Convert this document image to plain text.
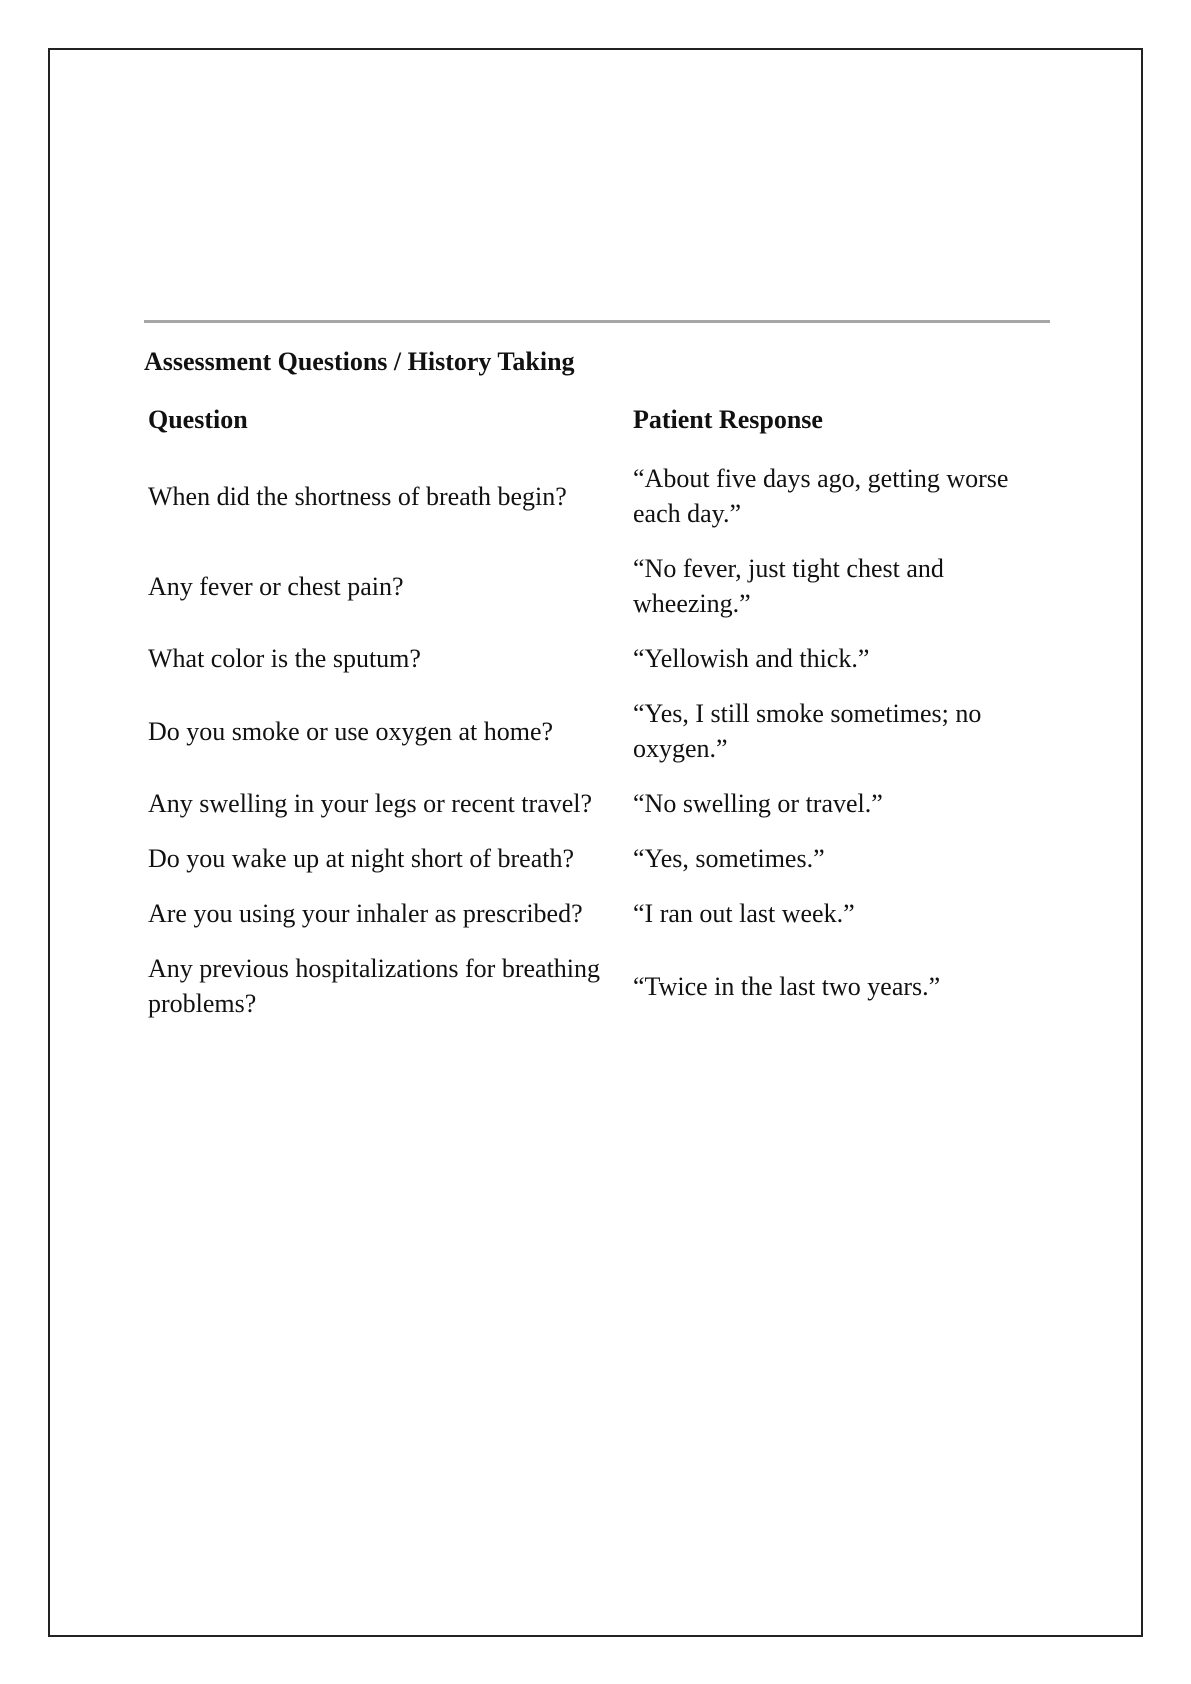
Assessment Questions / History Taking
Question	Patient Response
When did the shortness of breath begin?	“About five days ago, getting worse each day.”
Any fever or chest pain?	“No fever, just tight chest and wheezing.”
What color is the sputum?	“Yellowish and thick.”
Do you smoke or use oxygen at home?	“Yes, I still smoke sometimes; no oxygen.”
Any swelling in your legs or recent travel?	“No swelling or travel.”
Do you wake up at night short of breath?	“Yes, sometimes.”
Are you using your inhaler as prescribed?	“I ran out last week.”
Any previous hospitalizations for breathing problems?	“Twice in the last two years.”
